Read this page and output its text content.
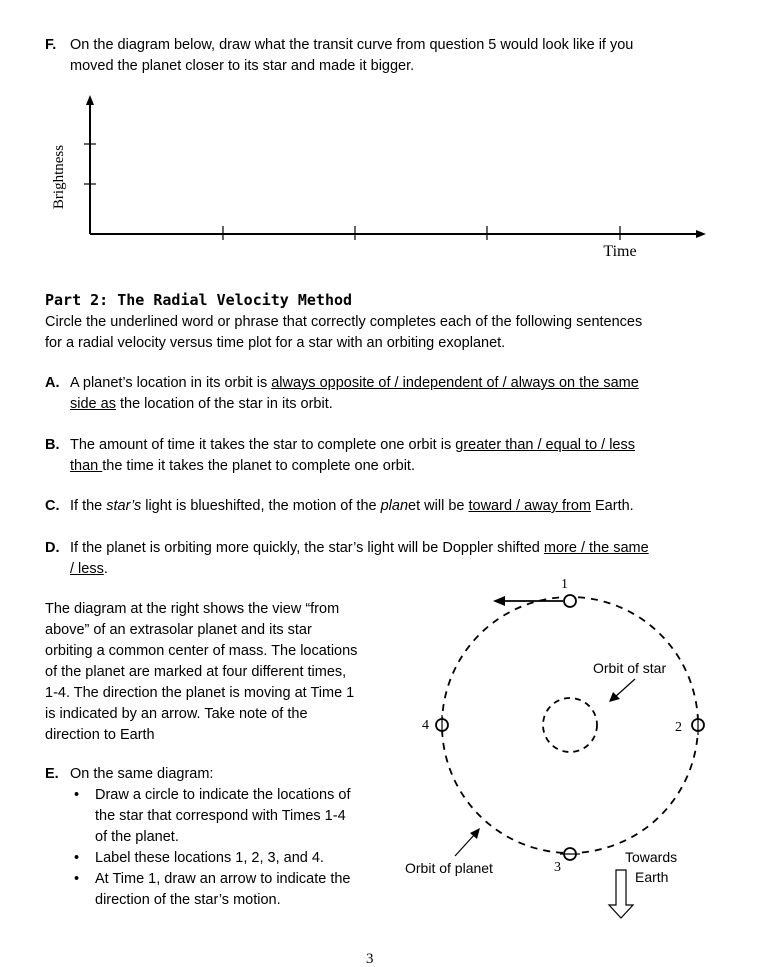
F. On the diagram below, draw what the transit curve from question 5 would look like if you
moved the planet closer to its star and made it bigger.
Brightness
Time
Part 2: The Radial Velocity Method
Circle the underlined word or phrase that correctly completes each of the following sentences
for a radial velocity versus time plot for a star with an orbiting exoplanet.
A. A planet’s location in its orbit is always opposite of / independent of / always on the same
side as the location of the star in its orbit.
B. The amount of time it takes the star to complete one orbit is greater than / equal to / less
than the time it takes the planet to complete one orbit.
C. If the star’s light is blueshifted, the motion of the planet will be toward / away from Earth.
D. If the planet is orbiting more quickly, the star’s light will be Doppler shifted more / the same
/ less.
The diagram at the right shows the view “from
above” of an extrasolar planet and its star
orbiting a common center of mass. The locations
of the planet are marked at four different times,
1-4. The direction the planet is moving at Time 1
is indicated by an arrow. Take note of the
direction to Earth
E. On the same diagram:
• Draw a circle to indicate the locations of
the star that correspond with Times 1-4
of the planet.
• Label these locations 1, 2, 3, and 4.
• At Time 1, draw an arrow to indicate the
direction of the star’s motion.
1
2
3
4
Orbit of star
Orbit of planet
Towards
Earth
3
